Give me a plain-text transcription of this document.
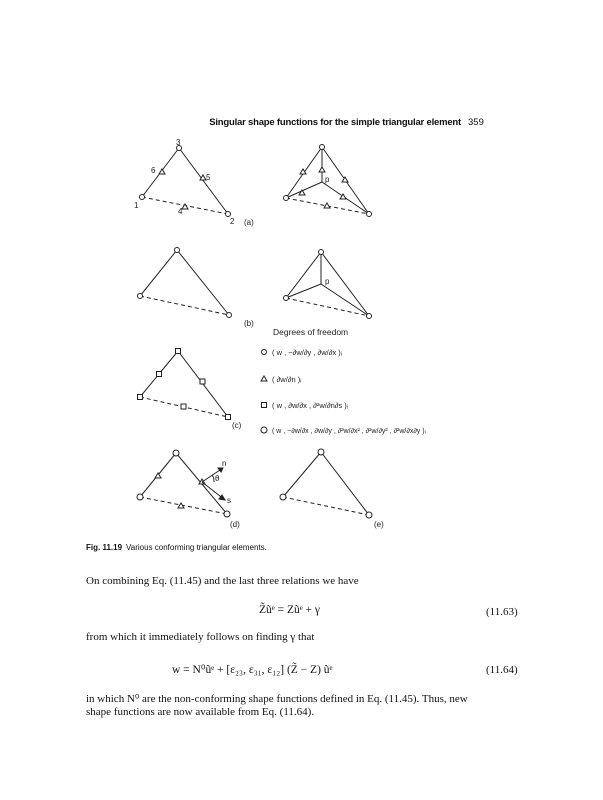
Singular shape functions for the simple triangular element 359
1
2
3
4
5
6
p
p
(a)
(b)
(c)
(d)	(e)
n
s
θ
Degrees of freedom
( w , −∂w/∂y , ∂w/∂x )ᵢ
( ∂w/∂n )ᵢ
( w , ∂w/∂x , ∂²w/∂n∂s )ᵢ
( w , −∂w/∂x , ∂w/∂y , ∂²w/∂x² , ∂²w/∂y² , ∂²w/∂x∂y )ᵢ
Fig. 11.19 Various conforming triangular elements.
On combining Eq. (11.45) and the last three relations we have
Z̃ũᵉ = Zũᵉ + γ	(11.63)
from which it immediately follows on finding γ that
w = N⁰ũᵉ + [ε₂₃, ε₃₁, ε₁₂] (Z̃ − Z) ũᵉ	(11.64)
in which N⁰ are the non-conforming shape functions defined in Eq. (11.45). Thus, new
shape functions are now available from Eq. (11.64).
